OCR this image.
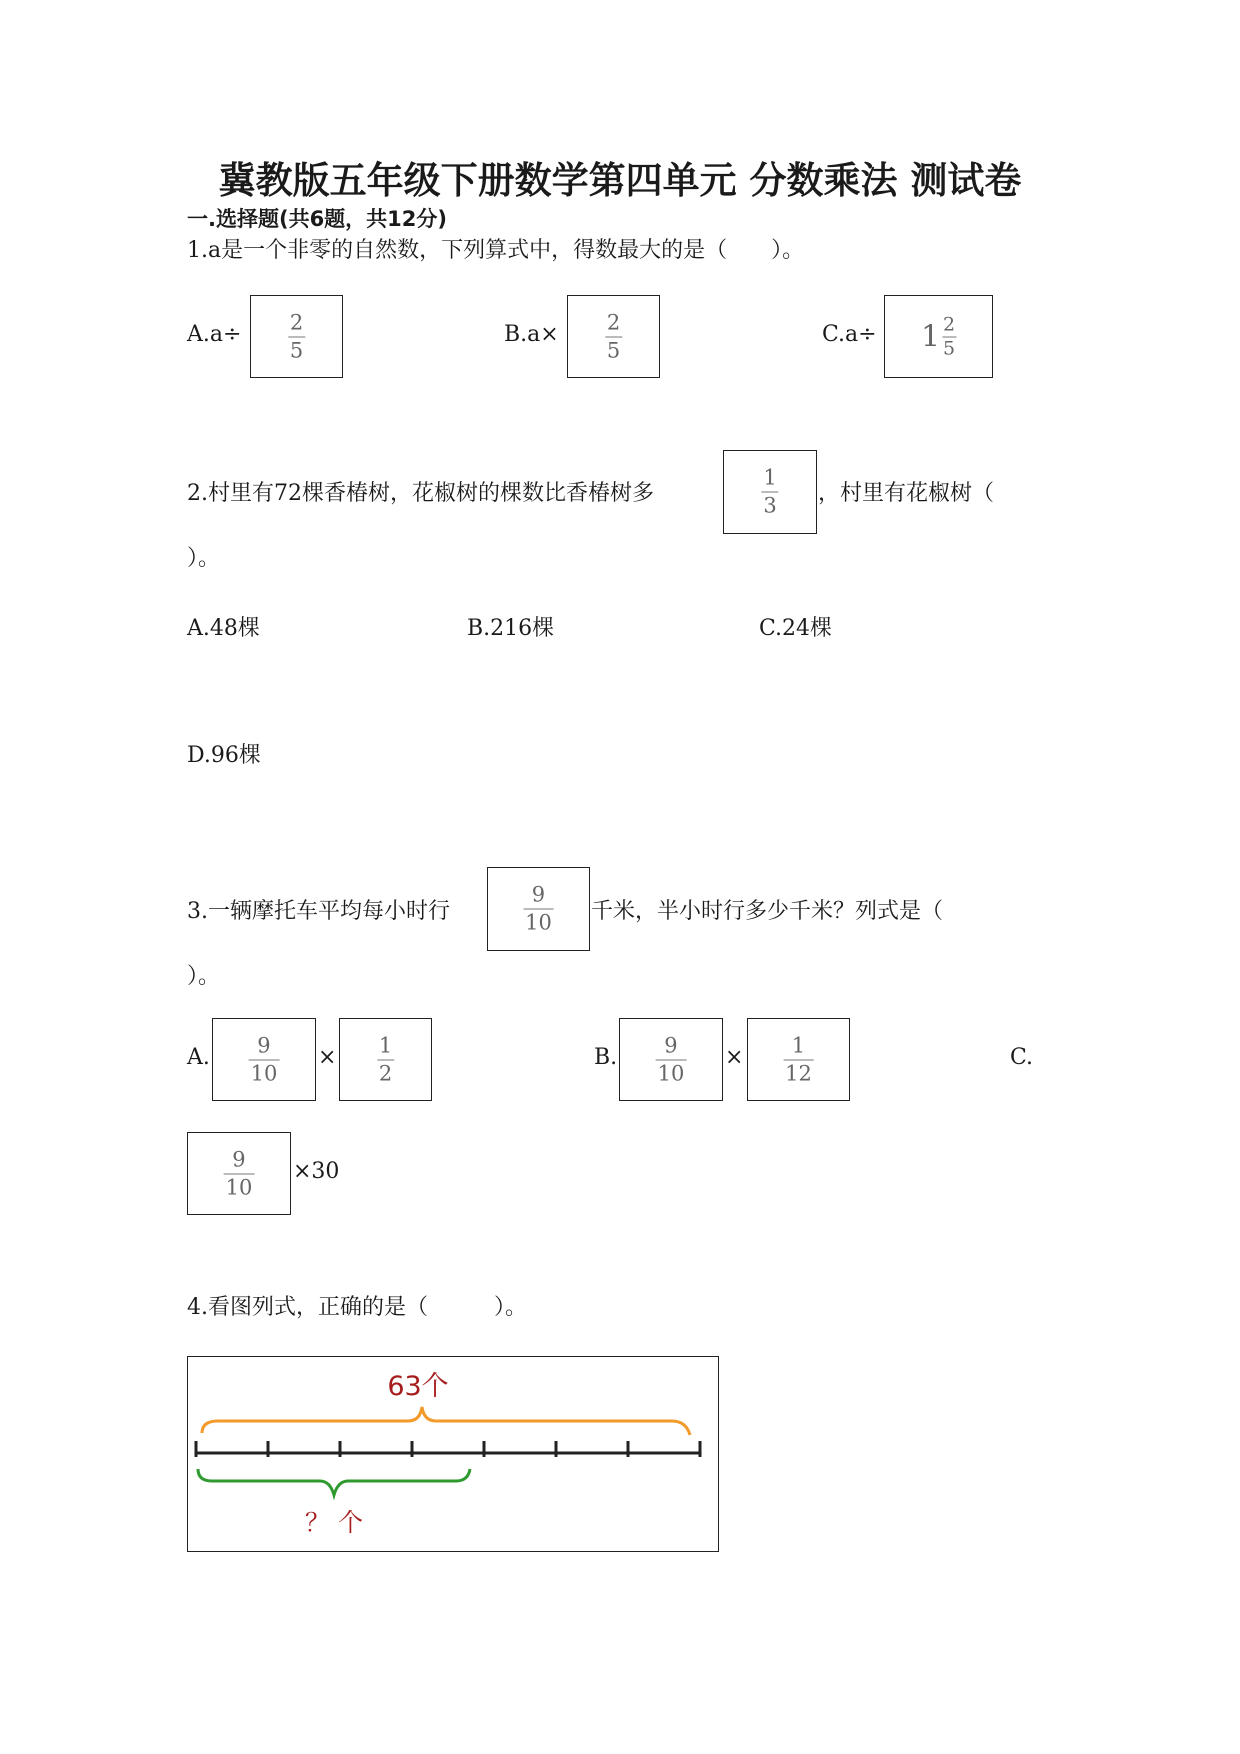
冀教版五年级下册数学第四单元 分数乘法 测试卷
一.选择题(共6题，共12分)
1.a是一个非零的自然数，下列算式中，得数最大的是（　　）。
A.a÷ 2
5
B.a× 2
5
C.a÷ 1 2
5
2.村里有72棵香椿树，花椒树的棵数比香椿树多
1
3 ，村里有花椒树（
）。
A.48棵	B.216棵	C.24棵
D.96棵
3.一辆摩托车平均每小时行
9
10 千米，半小时行多少千米？列式是（
）。
A. 9
10
× 1
2
B. 9
10
× 1
12
C.
9
10
×30
4.看图列式，正确的是（　　　）。
63个
？ 个
